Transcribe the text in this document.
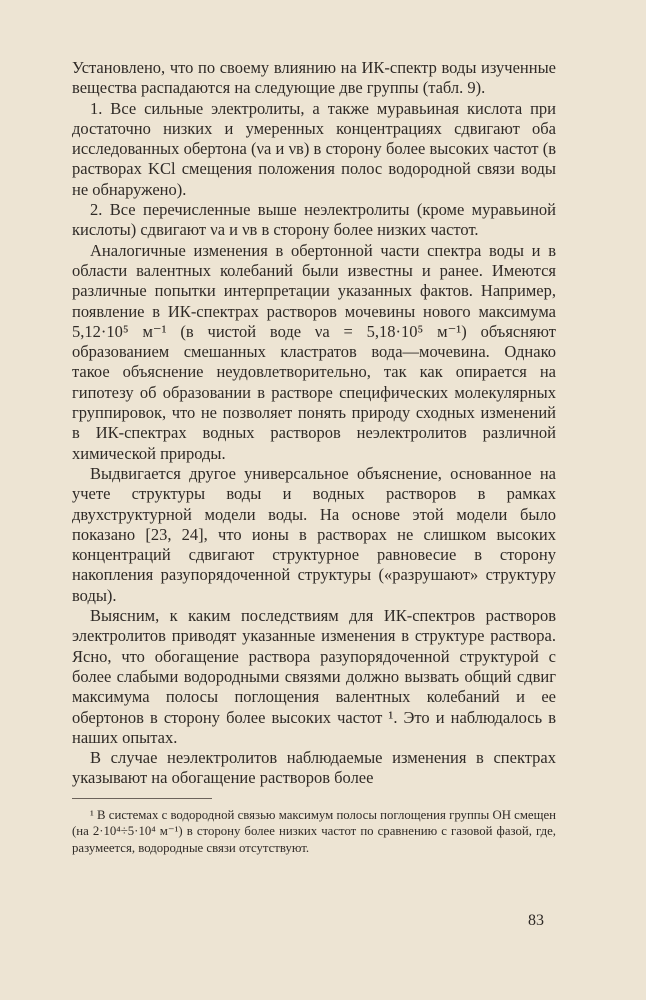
Установлено, что по своему влиянию на ИК-спектр воды изученные вещества распадаются на следующие две группы (табл. 9).

1. Все сильные электролиты, а также муравьиная кислота при достаточно низких и умеренных концентрациях сдвигают оба исследованных обертона (νа и νв) в сторону более высоких частот (в растворах KCl смещения положения полос водородной связи воды не обнаружено).

2. Все перечисленные выше неэлектролиты (кроме муравьиной кислоты) сдвигают νа и νв в сторону более низких частот.

Аналогичные изменения в обертонной части спектра воды и в области валентных колебаний были известны и ранее. Имеются различные попытки интерпретации указанных фактов. Например, появление в ИК-спектрах растворов мочевины нового максимума 5,12·10⁵ м⁻¹ (в чистой воде νа = 5,18·10⁵ м⁻¹) объясняют образованием смешанных кластратов вода—мочевина. Однако такое объяснение неудовлетворительно, так как опирается на гипотезу об образовании в растворе специфических молекулярных группировок, что не позволяет понять природу сходных изменений в ИК-спектрах водных растворов неэлектролитов различной химической природы.

Выдвигается другое универсальное объяснение, основанное на учете структуры воды и водных растворов в рамках двухструктурной модели воды. На основе этой модели было показано [23, 24], что ионы в растворах не слишком высоких концентраций сдвигают структурное равновесие в сторону накопления разупорядоченной структуры («разрушают» структуру воды).

Выясним, к каким последствиям для ИК-спектров растворов электролитов приводят указанные изменения в структуре раствора. Ясно, что обогащение раствора разупорядоченной структурой с более слабыми водородными связями должно вызвать общий сдвиг максимума полосы поглощения валентных колебаний и ее обертонов в сторону более высоких частот ¹. Это и наблюдалось в наших опытах.

В случае неэлектролитов наблюдаемые изменения в спектрах указывают на обогащение растворов более

¹ В системах с водородной связью максимум полосы поглощения группы OH смещен (на 2·10⁴÷5·10⁴ м⁻¹) в сторону более низких частот по сравнению с газовой фазой, где, разумеется, водородные связи отсутствуют.

83
